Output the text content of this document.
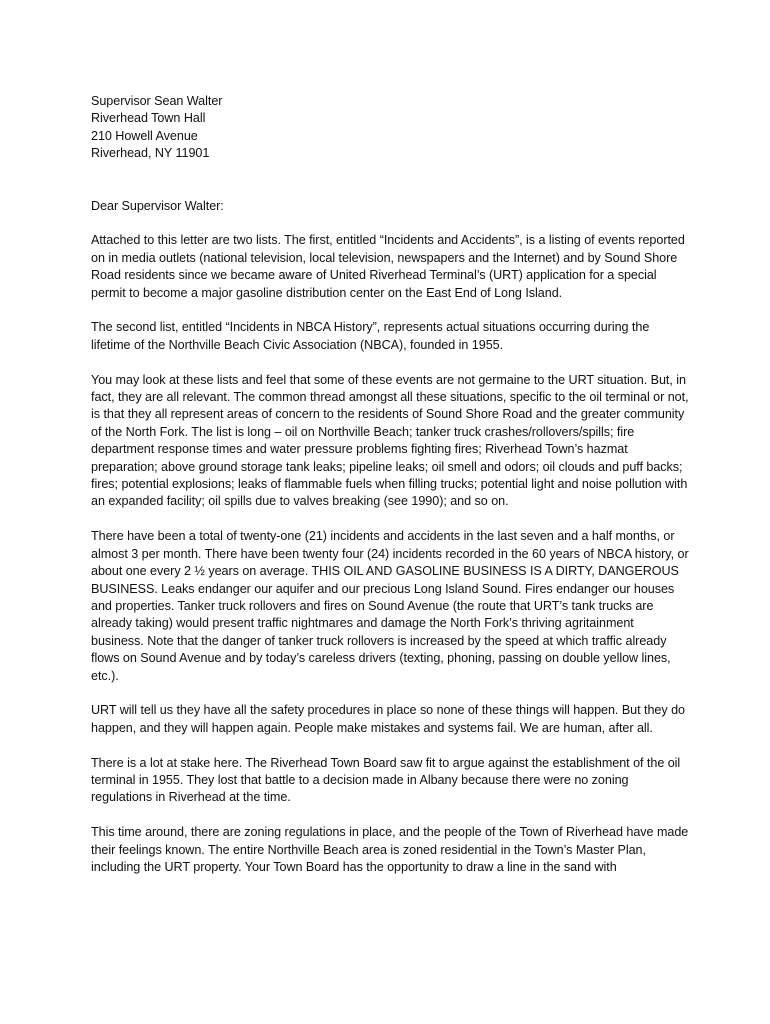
Supervisor Sean Walter
Riverhead Town Hall
210 Howell Avenue
Riverhead, NY 11901
Dear Supervisor Walter:

Attached to this letter are two lists. The first, entitled “Incidents and Accidents”, is a listing of events reported on in media outlets (national television, local television, newspapers and the Internet) and by Sound Shore Road residents since we became aware of United Riverhead Terminal’s (URT) application for a special permit to become a major gasoline distribution center on the East End of Long Island.

The second list, entitled “Incidents in NBCA History”, represents actual situations occurring during the lifetime of the Northville Beach Civic Association (NBCA), founded in 1955.

You may look at these lists and feel that some of these events are not germaine to the URT situation. But, in fact, they are all relevant. The common thread amongst all these situations, specific to the oil terminal or not, is that they all represent areas of concern to the residents of Sound Shore Road and the greater community of the North Fork. The list is long – oil on Northville Beach; tanker truck crashes/rollovers/spills; fire department response times and water pressure problems fighting fires; Riverhead Town’s hazmat preparation; above ground storage tank leaks; pipeline leaks; oil smell and odors; oil clouds and puff backs; fires; potential explosions; leaks of flammable fuels when filling trucks; potential light and noise pollution with an expanded facility; oil spills due to valves breaking (see 1990); and so on.

There have been a total of twenty-one (21) incidents and accidents in the last seven and a half months, or almost 3 per month. There have been twenty four (24) incidents recorded in the 60 years of NBCA history, or about one every 2 ½ years on average. THIS OIL AND GASOLINE BUSINESS IS A DIRTY, DANGEROUS BUSINESS. Leaks endanger our aquifer and our precious Long Island Sound. Fires endanger our houses and properties. Tanker truck rollovers and fires on Sound Avenue (the route that URT’s tank trucks are already taking) would present traffic nightmares and damage the North Fork’s thriving agritainment business. Note that the danger of tanker truck rollovers is increased by the speed at which traffic already flows on Sound Avenue and by today’s careless drivers (texting, phoning, passing on double yellow lines, etc.).

URT will tell us they have all the safety procedures in place so none of these things will happen. But they do happen, and they will happen again. People make mistakes and systems fail. We are human, after all.

There is a lot at stake here. The Riverhead Town Board saw fit to argue against the establishment of the oil terminal in 1955. They lost that battle to a decision made in Albany because there were no zoning regulations in Riverhead at the time.

This time around, there are zoning regulations in place, and the people of the Town of Riverhead have made their feelings known. The entire Northville Beach area is zoned residential in the Town’s Master Plan, including the URT property. Your Town Board has the opportunity to draw a line in the sand with
